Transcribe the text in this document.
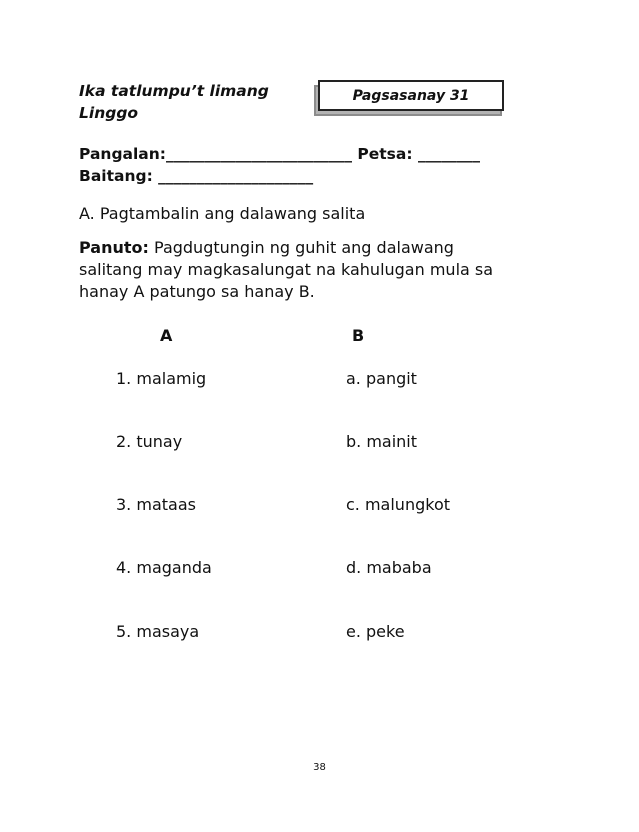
Ika tatlumpu’t limang Linggo
Pagsasanay 31
Pangalan:________________________ Petsa: ________
Baitang: ____________________
A. Pagtambalin ang dalawang salita
Panuto: Pagdugtungin ng guhit ang dalawang salitang may magkasalungat na kahulugan mula sa hanay A patungo sa hanay B.
A	B
1. malamig
2. tunay
3. mataas
4. maganda
5. masaya
a. pangit
b. mainit
c. malungkot
d. mababa
e. peke
38
